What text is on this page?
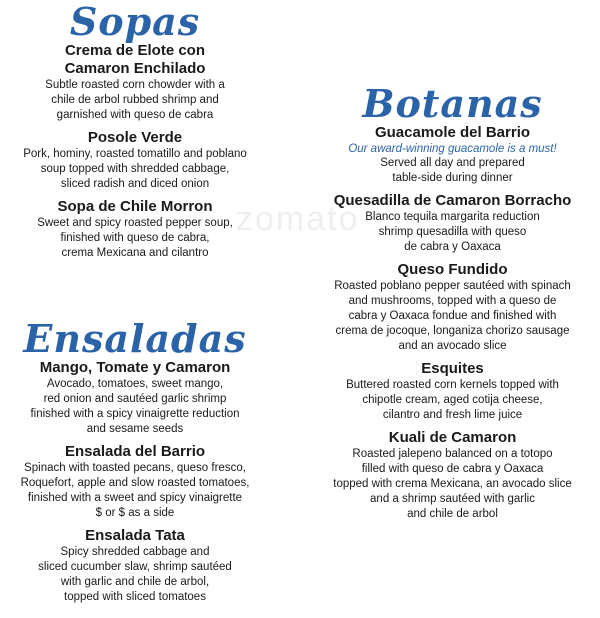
zomato
Sopas

Crema de Elote con
Camaron Enchilado

Subtle roasted corn chowder with a
chile de arbol rubbed shrimp and
garnished with queso de cabra

Posole Verde

Pork, hominy, roasted tomatillo and poblano
soup topped with shredded cabbage,
sliced radish and diced onion

Sopa de Chile Morron

Sweet and spicy roasted pepper soup,
finished with queso de cabra,
crema Mexicana and cilantro

Ensaladas

Mango, Tomate y Camaron

Avocado, tomatoes, sweet mango,
red onion and sautéed garlic shrimp
finished with a spicy vinaigrette reduction
and sesame seeds

Ensalada del Barrio

Spinach with toasted pecans, queso fresco,
Roquefort, apple and slow roasted tomatoes,
finished with a sweet and spicy vinaigrette
$ or $ as a side

Ensalada Tata

Spicy shredded cabbage and
sliced cucumber slaw, shrimp sautéed
with garlic and chile de arbol,
topped with sliced tomatoes

Botanas

Guacamole del Barrio

Our award-winning guacamole is a must!

Served all day and prepared
table-side during dinner

Quesadilla de Camaron Borracho

Blanco tequila margarita reduction
shrimp quesadilla with queso
de cabra y Oaxaca

Queso Fundido

Roasted poblano pepper sautéed with spinach
and mushrooms, topped with a queso de
cabra y Oaxaca fondue and finished with
crema de jocoque, longaniza chorizo sausage
and an avocado slice

Esquites

Buttered roasted corn kernels topped with
chipotle cream, aged cotija cheese,
cilantro and fresh lime juice

Kuali de Camaron

Roasted jalepeno balanced on a totopo
filled with queso de cabra y Oaxaca
topped with crema Mexicana, an avocado slice
and a shrimp sautéed with garlic
and chile de arbol
